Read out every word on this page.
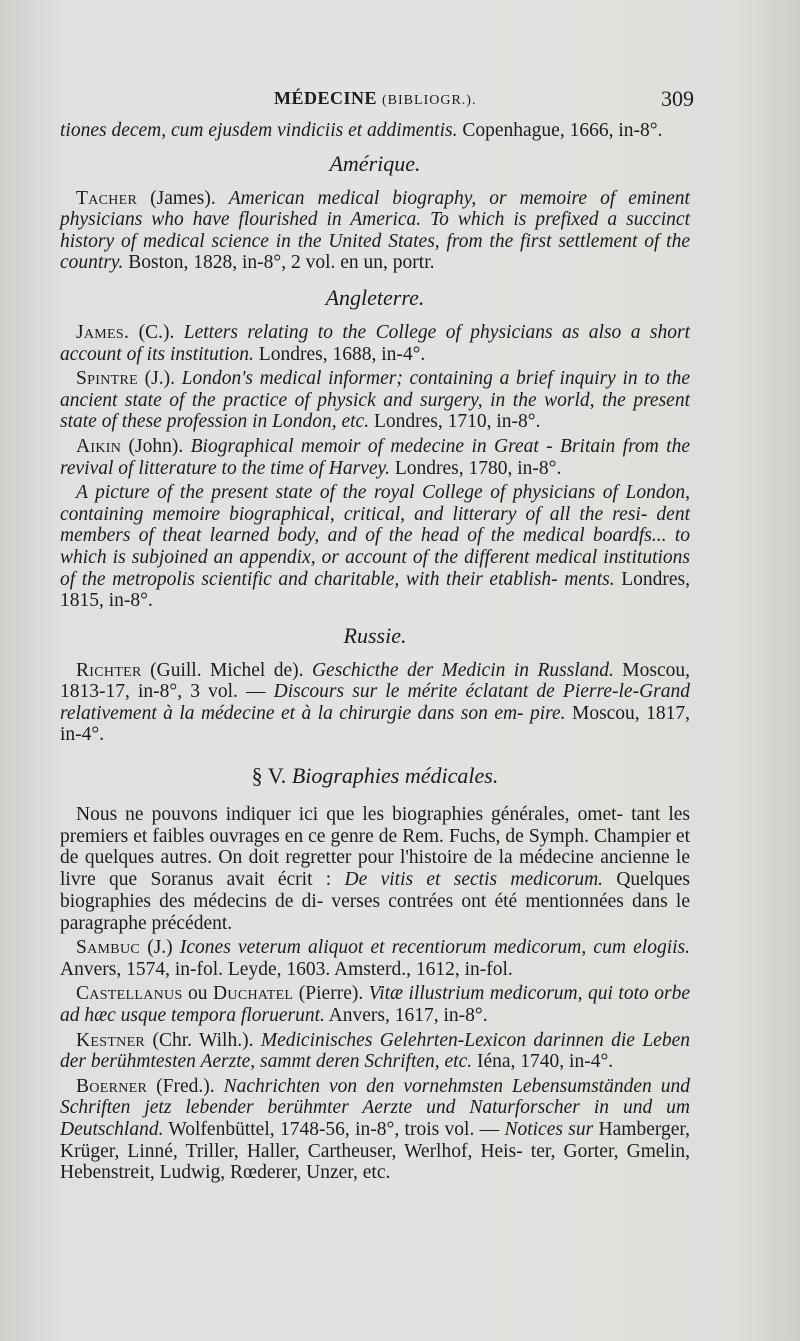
MÉDECINE (BIBLIOGR.).	309

tiones decem, cum ejusdem vindiciis et addimentis. Copenhague, 1666, in-8°.

Amérique.

Tacher (James). American medical biography, or memoire of eminent physicians who have flourished in America. To which is prefixed a succinct history of medical science in the United States, from the first settlement of the country. Boston, 1828, in-8°, 2 vol. en un, portr.

Angleterre.

James. (C.). Letters relating to the College of physicians as also a short account of its institution. Londres, 1688, in-4°.

Spintre (J.). London's medical informer; containing a brief inquiry in to the ancient state of the practice of physick and surgery, in the world, the present state of these profession in London, etc. Londres, 1710, in-8°.

Aikin (John). Biographical memoir of medecine in Great - Britain from the revival of litterature to the time of Harvey. Londres, 1780, in-8°.

A picture of the present state of the royal College of physicians of London, containing memoire biographical, critical, and litterary of all the resi- dent members of theat learned body, and of the head of the medical boardfs... to which is subjoined an appendix, or account of the different medical institutions of the metropolis scientific and charitable, with their etablish- ments. Londres, 1815, in-8°.

Russie.

Richter (Guill. Michel de). Geschicthe der Medicin in Russland. Moscou, 1813-17, in-8°, 3 vol. — Discours sur le mérite éclatant de Pierre-le-Grand relativement à la médecine et à la chirurgie dans son em- pire. Moscou, 1817, in-4°.

§ V. Biographies médicales.

Nous ne pouvons indiquer ici que les biographies générales, omet- tant les premiers et faibles ouvrages en ce genre de Rem. Fuchs, de Symph. Champier et de quelques autres. On doit regretter pour l'histoire de la médecine ancienne le livre que Soranus avait écrit : De vitis et sectis medicorum. Quelques biographies des médecins de di- verses contrées ont été mentionnées dans le paragraphe précédent.

Sambuc (J.) Icones veterum aliquot et recentiorum medicorum, cum elogiis. Anvers, 1574, in-fol. Leyde, 1603. Amsterd., 1612, in-fol.

Castellanus ou Duchatel (Pierre). Vitæ illustrium medicorum, qui toto orbe ad hæc usque tempora floruerunt. Anvers, 1617, in-8°.

Kestner (Chr. Wilh.). Medicinisches Gelehrten-Lexicon darinnen die Leben der berühmtesten Aerzte, sammt deren Schriften, etc. Iéna, 1740, in-4°.

Boerner (Fred.). Nachrichten von den vornehmsten Lebensumständen und Schriften jetz lebender berühmter Aerzte und Naturforscher in und um Deutschland. Wolfenbüttel, 1748-56, in-8°, trois vol. — Notices sur Hamberger, Krüger, Linné, Triller, Haller, Cartheuser, Werlhof, Heis- ter, Gorter, Gmelin, Hebenstreit, Ludwig, Rœderer, Unzer, etc.
